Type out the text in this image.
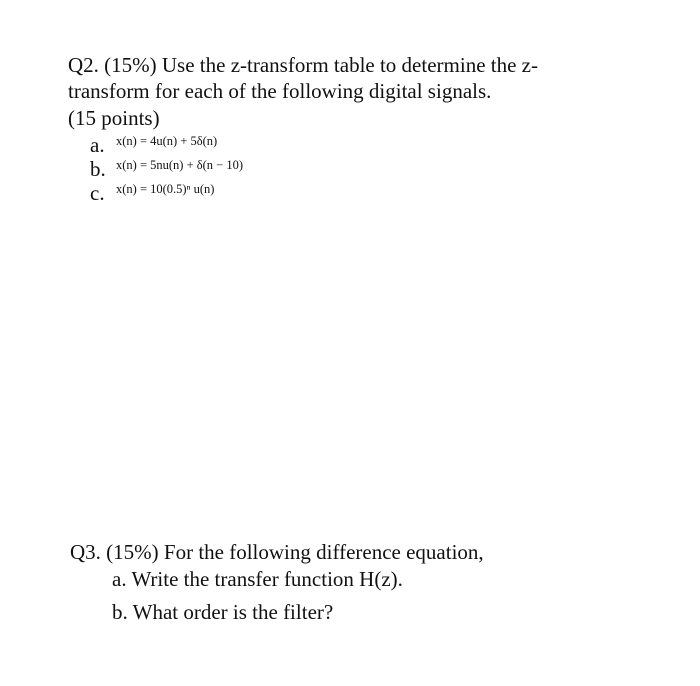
Q2. (15%) Use the z-transform table to determine the z-
transform for each of the following digital signals.
(15 points)
a. x(n) = 4u(n) + 5δ(n)
b. x(n) = 5nu(n) + δ(n − 10)
c. x(n) = 10(0.5)ⁿ u(n)
Q3. (15%) For the following difference equation,
a. Write the transfer function H(z).
b. What order is the filter?
